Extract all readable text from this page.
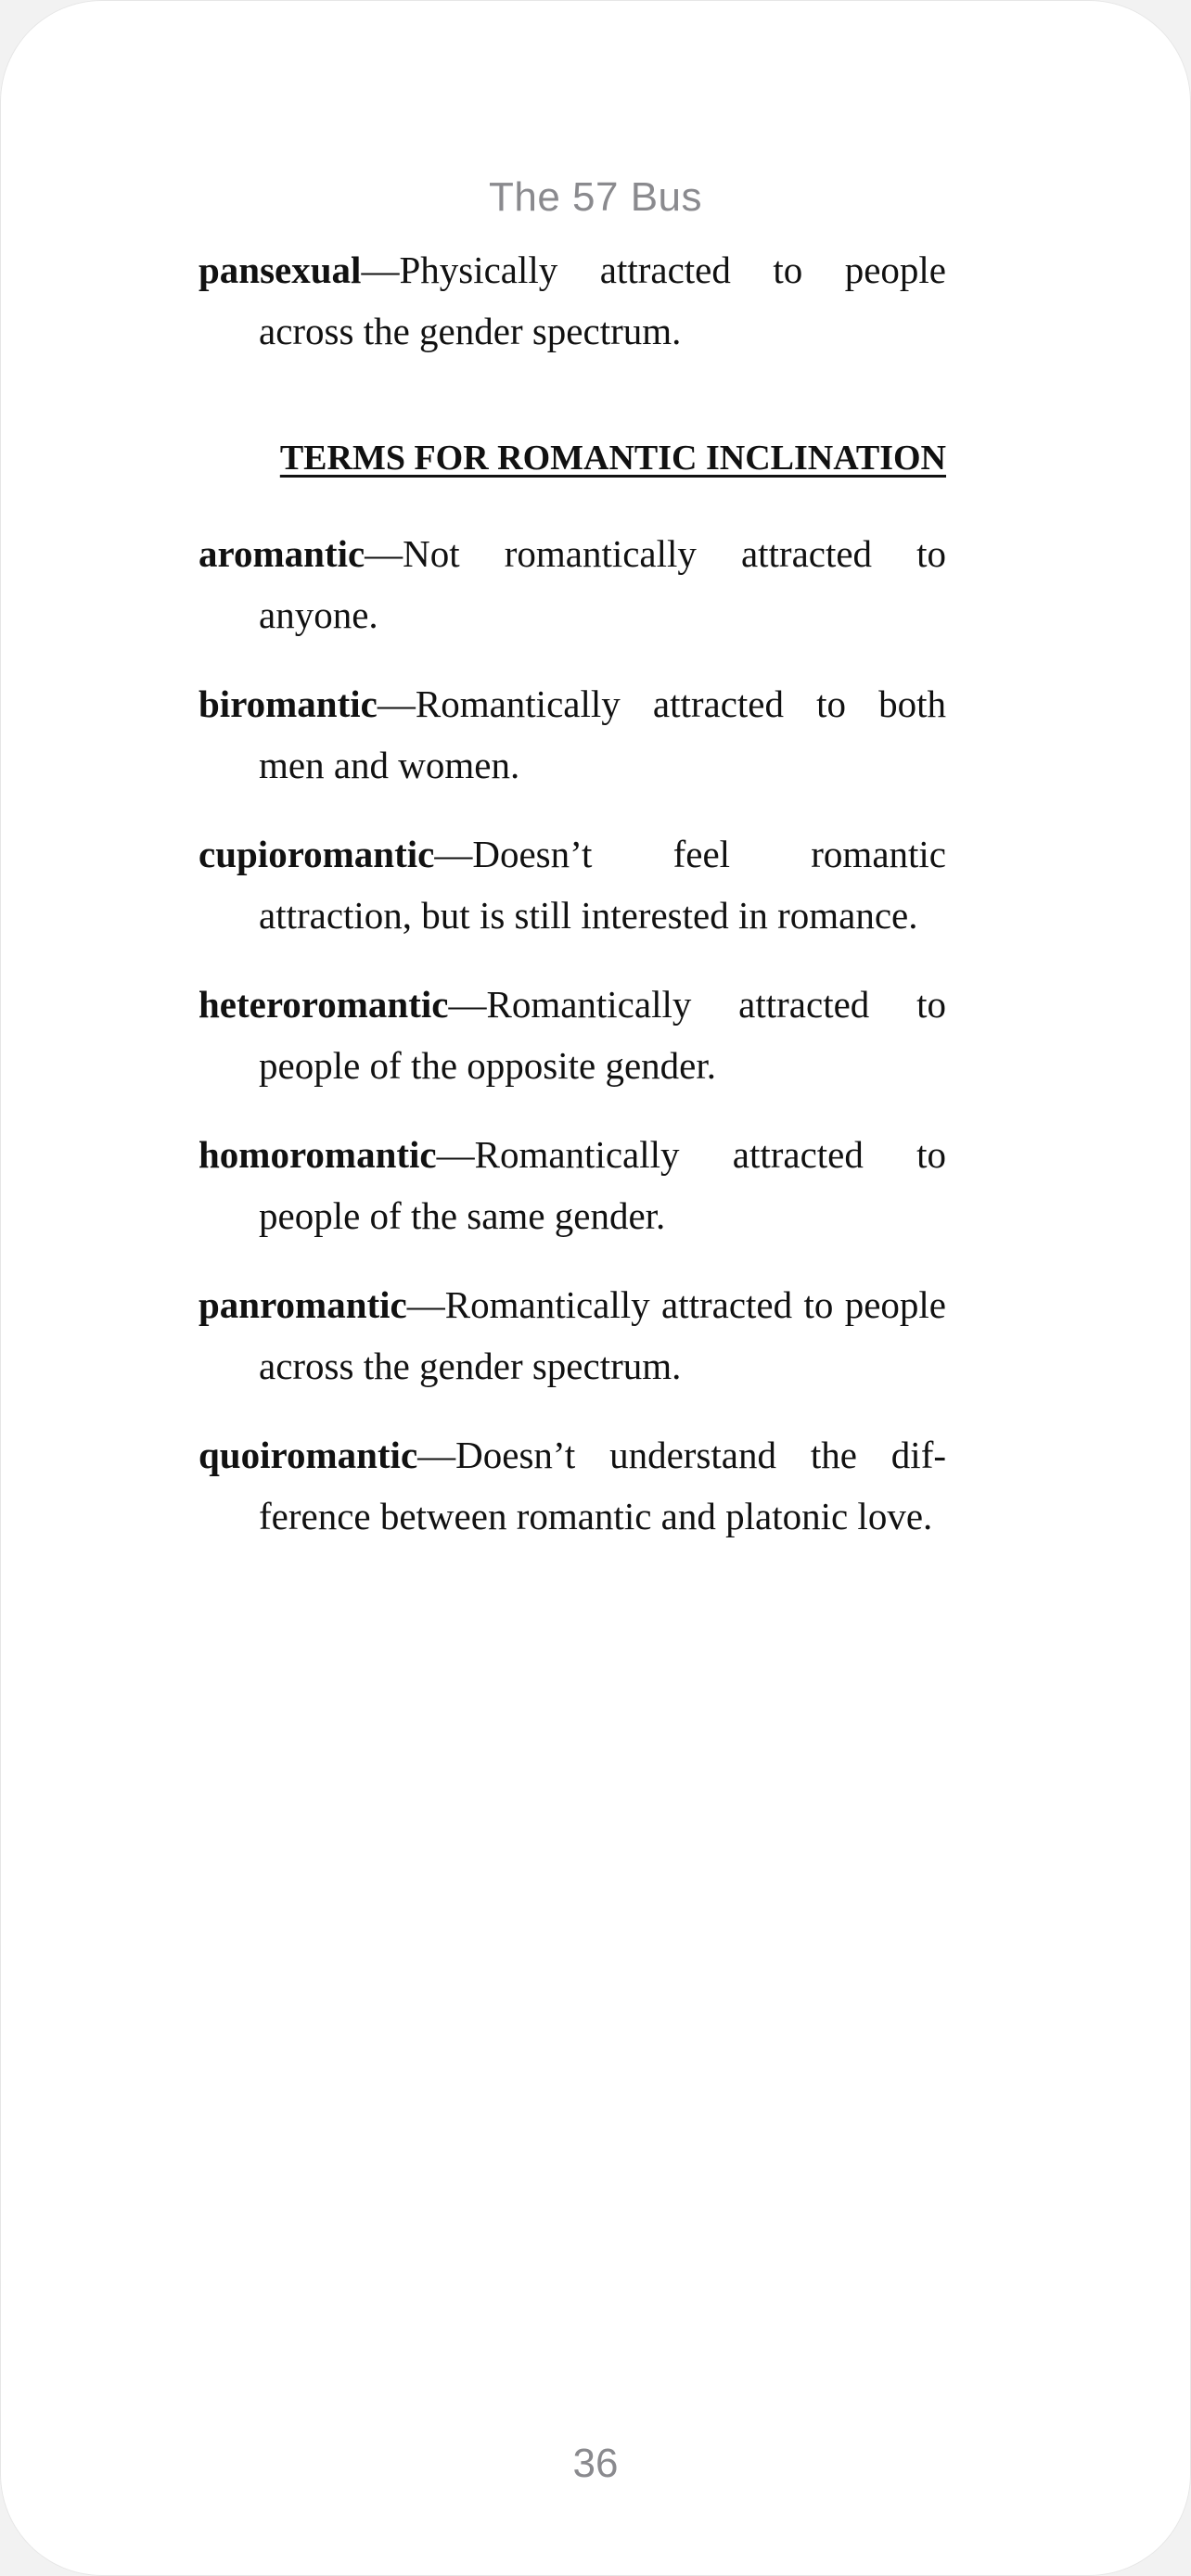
The 57 Bus

pansexual—Physically attracted to people across the gender spectrum.

TERMS FOR ROMANTIC INCLINATION

aromantic—Not romantically attracted to anyone.

biromantic—Romantically attracted to both men and women.

cupioromantic—Doesn’t feel romantic attraction, but is still interested in romance.

heteroromantic—Romantically attracted to people of the opposite gender.

homoromantic—Romantically attracted to people of the same gender.

panromantic—Romantically attracted to people across the gender spectrum.

quoiromantic—Doesn’t understand the dif-ference between romantic and platonic love.

36
